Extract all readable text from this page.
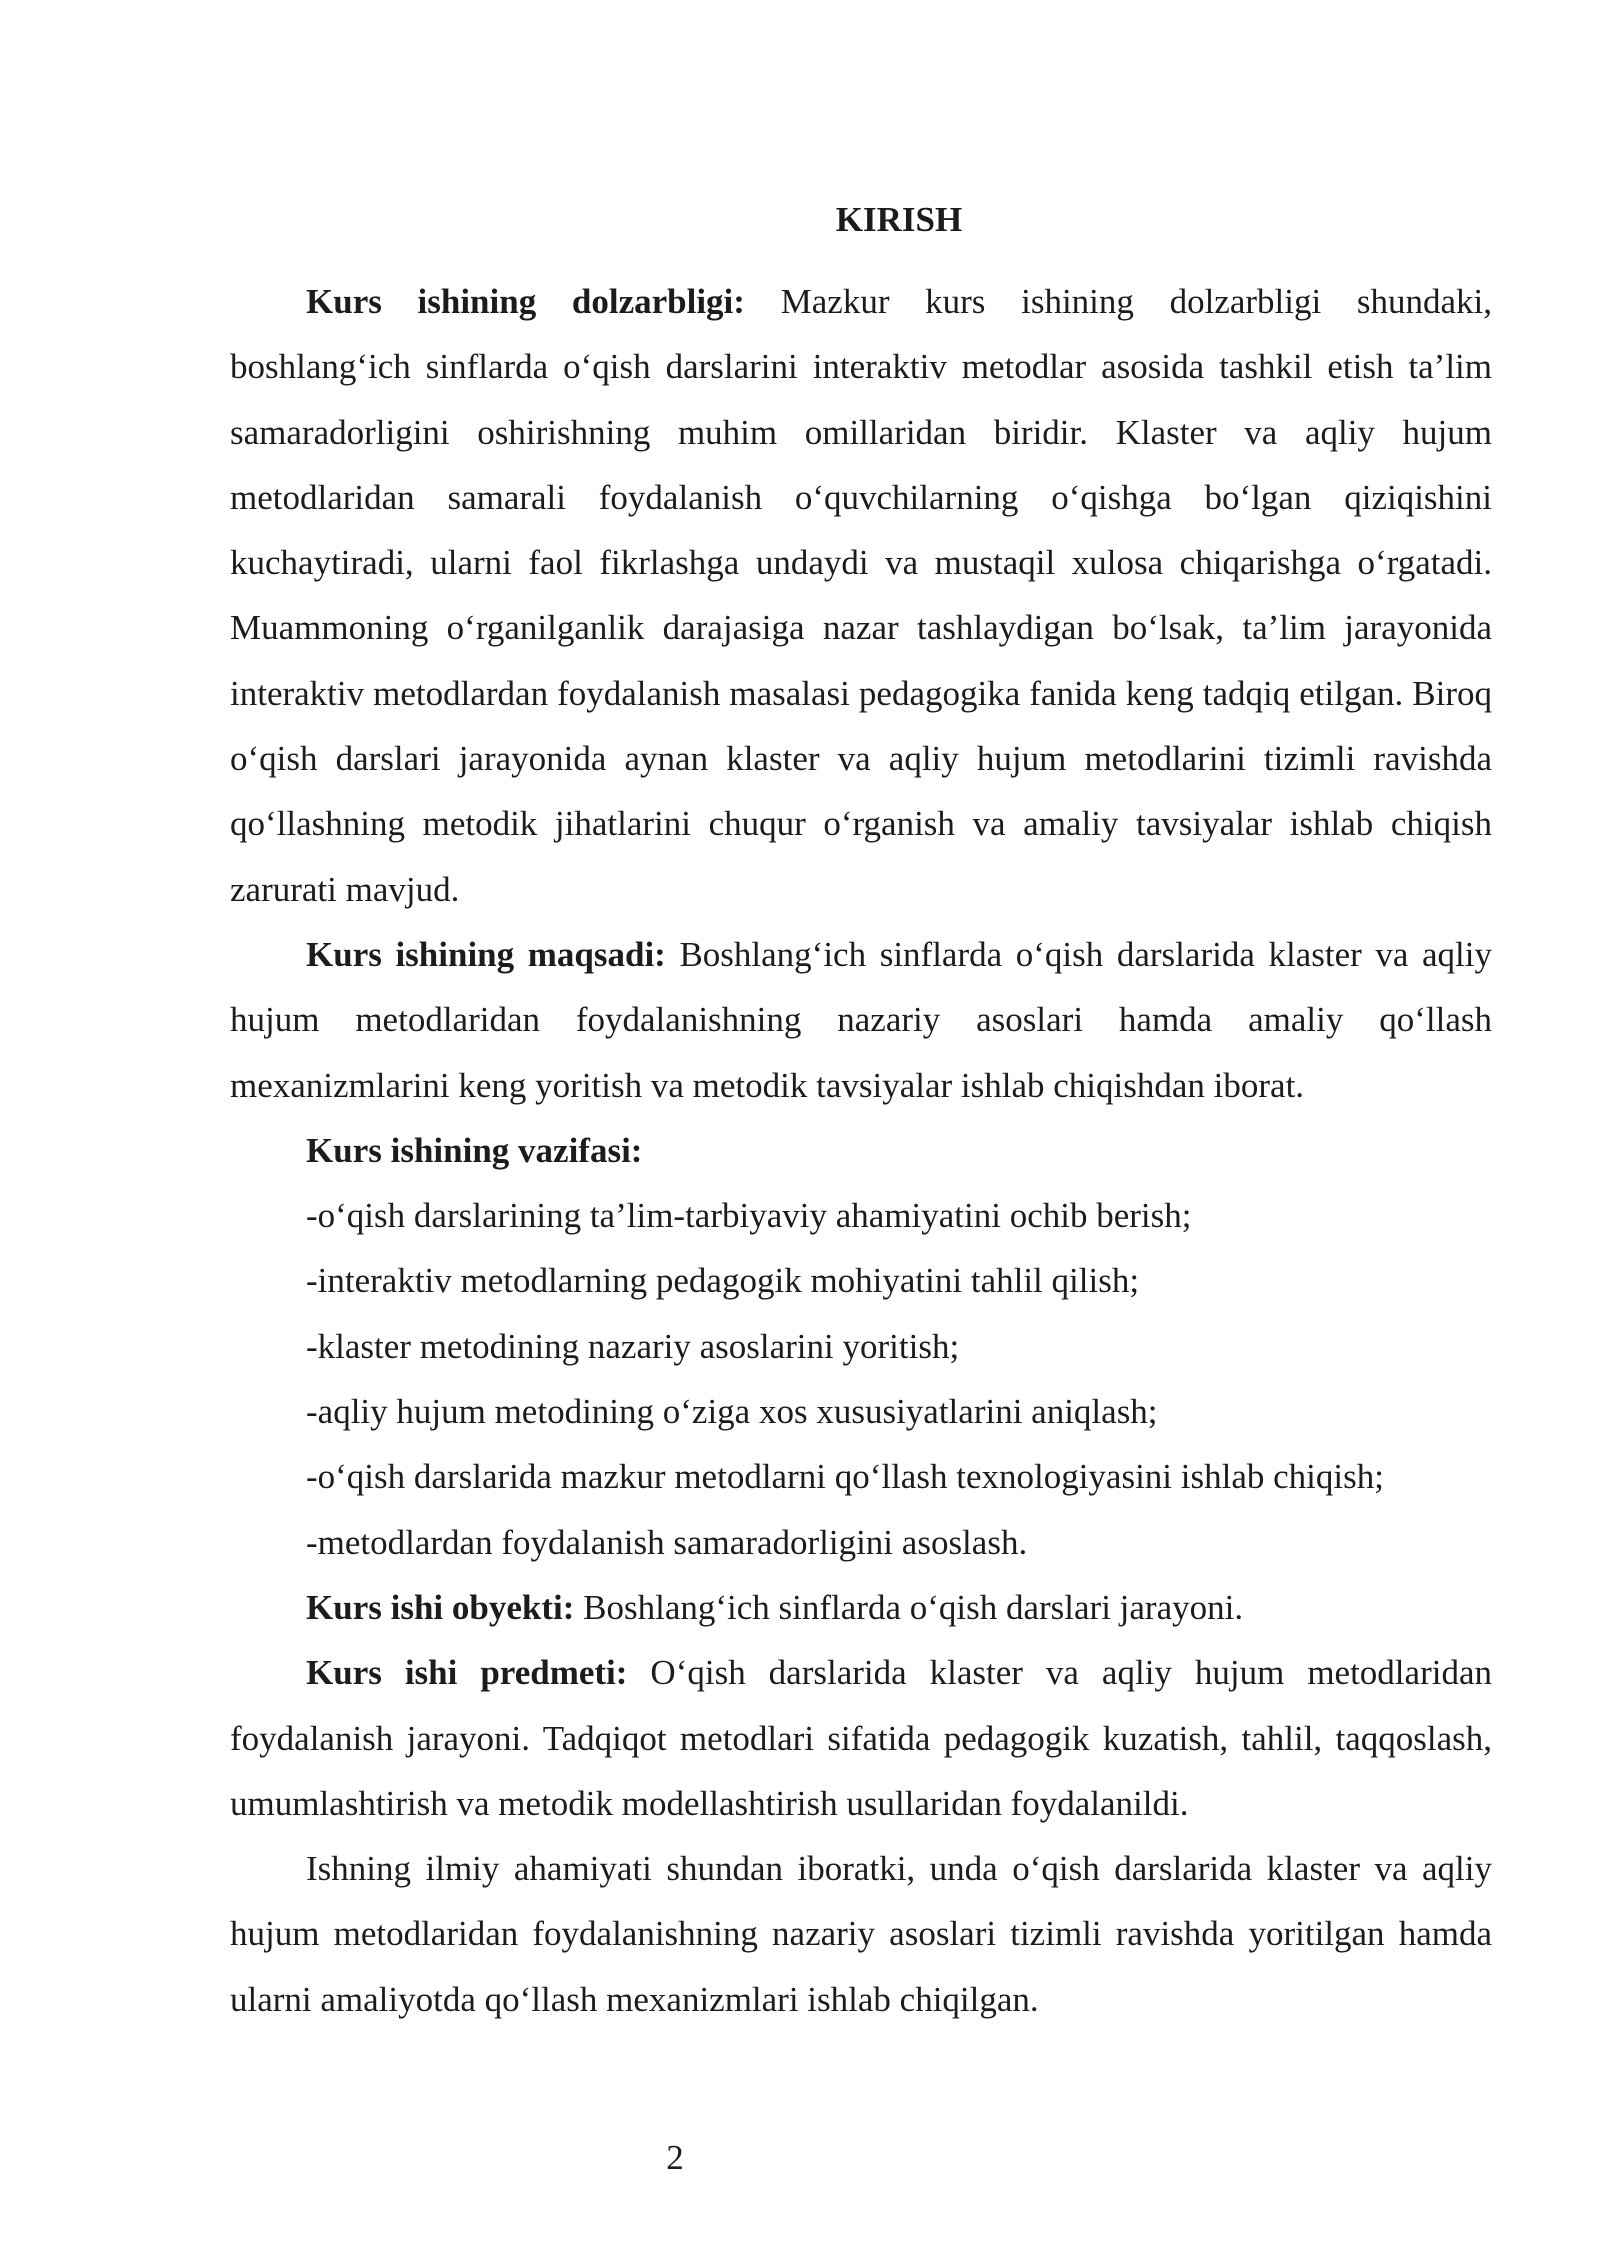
KIRISH

Kurs ishining dolzarbligi: Mazkur kurs ishining dolzarbligi shundaki, boshlang‘ich sinflarda o‘qish darslarini interaktiv metodlar asosida tashkil etish ta’lim samaradorligini oshirishning muhim omillaridan biridir. Klaster va aqliy hujum metodlaridan samarali foydalanish o‘quvchilarning o‘qishga bo‘lgan qiziqishini kuchaytiradi, ularni faol fikrlashga undaydi va mustaqil xulosa chiqarishga o‘rgatadi. Muammoning o‘rganilganlik darajasiga nazar tashlaydigan bo‘lsak, ta’lim jarayonida interaktiv metodlardan foydalanish masalasi pedagogika fanida keng tadqiq etilgan. Biroq o‘qish darslari jarayonida aynan klaster va aqliy hujum metodlarini tizimli ravishda qo‘llashning metodik jihatlarini chuqur o‘rganish va amaliy tavsiyalar ishlab chiqish zarurati mavjud.

Kurs ishining maqsadi: Boshlang‘ich sinflarda o‘qish darslarida klaster va aqliy hujum metodlaridan foydalanishning nazariy asoslari hamda amaliy qo‘llash mexanizmlarini keng yoritish va metodik tavsiyalar ishlab chiqishdan iborat.

Kurs ishining vazifasi:

-o‘qish darslarining ta’lim-tarbiyaviy ahamiyatini ochib berish;

-interaktiv metodlarning pedagogik mohiyatini tahlil qilish;

-klaster metodining nazariy asoslarini yoritish;

-aqliy hujum metodining o‘ziga xos xususiyatlarini aniqlash;

-o‘qish darslarida mazkur metodlarni qo‘llash texnologiyasini ishlab chiqish;

-metodlardan foydalanish samaradorligini asoslash.

Kurs ishi obyekti: Boshlang‘ich sinflarda o‘qish darslari jarayoni.

Kurs ishi predmeti: O‘qish darslarida klaster va aqliy hujum metodlaridan foydalanish jarayoni. Tadqiqot metodlari sifatida pedagogik kuzatish, tahlil, taqqoslash, umumlashtirish va metodik modellashtirish usullaridan foydalanildi.

Ishning ilmiy ahamiyati shundan iboratki, unda o‘qish darslarida klaster va aqliy hujum metodlaridan foydalanishning nazariy asoslari tizimli ravishda yoritilgan hamda ularni amaliyotda qo‘llash mexanizmlari ishlab chiqilgan.

2
